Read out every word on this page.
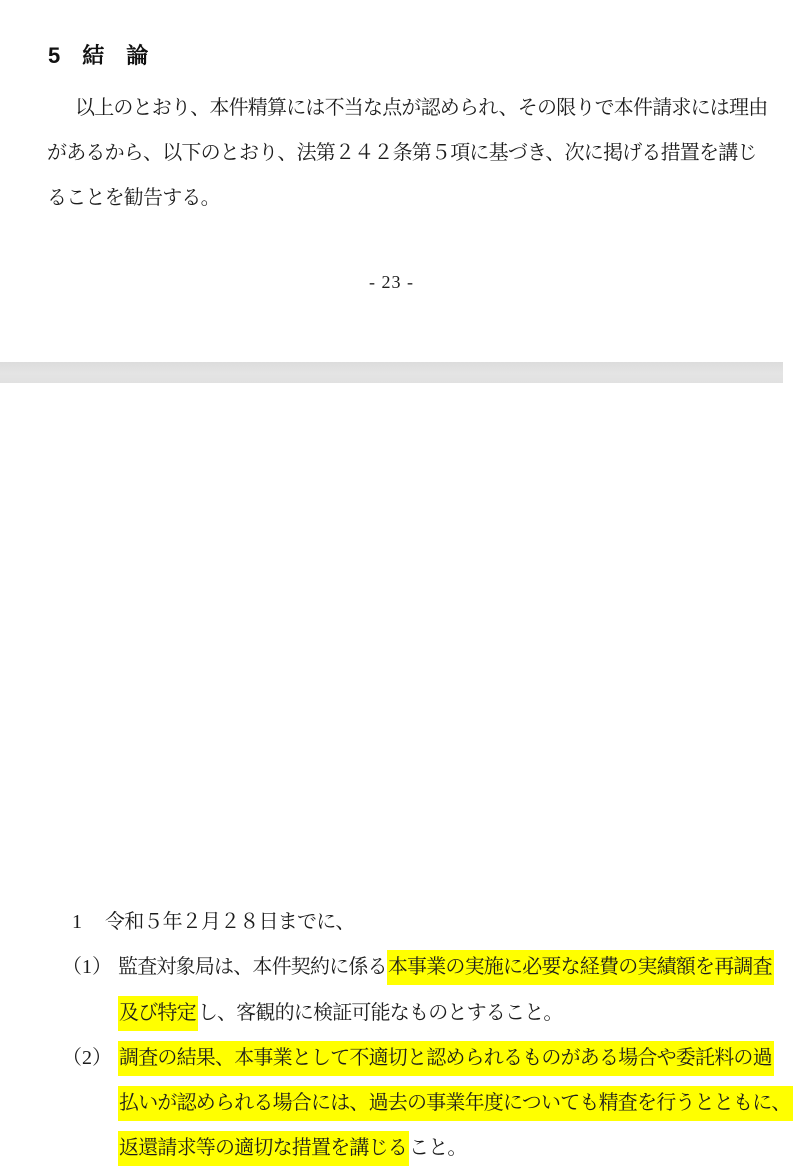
5　結　論
以上のとおり、本件精算には不当な点が認められ、その限りで本件請求には理由
があるから、以下のとおり、法第２４２条第５項に基づき、次に掲げる措置を講じ
ることを勧告する。
- 23 -
1 令和５年２月２８日までに、
（1） 監査対象局は、本件契約に係る本事業の実施に必要な経費の実績額を再調査
及び特定 し、客観的に検証可能なものとすること。
（2） 調査の結果、本事業として不適切と認められるものがある場合や委託料の過
払いが認められる場合には、過去の事業年度についても精査を行うとともに、
返還請求等の適切な措置を講じる こと。
